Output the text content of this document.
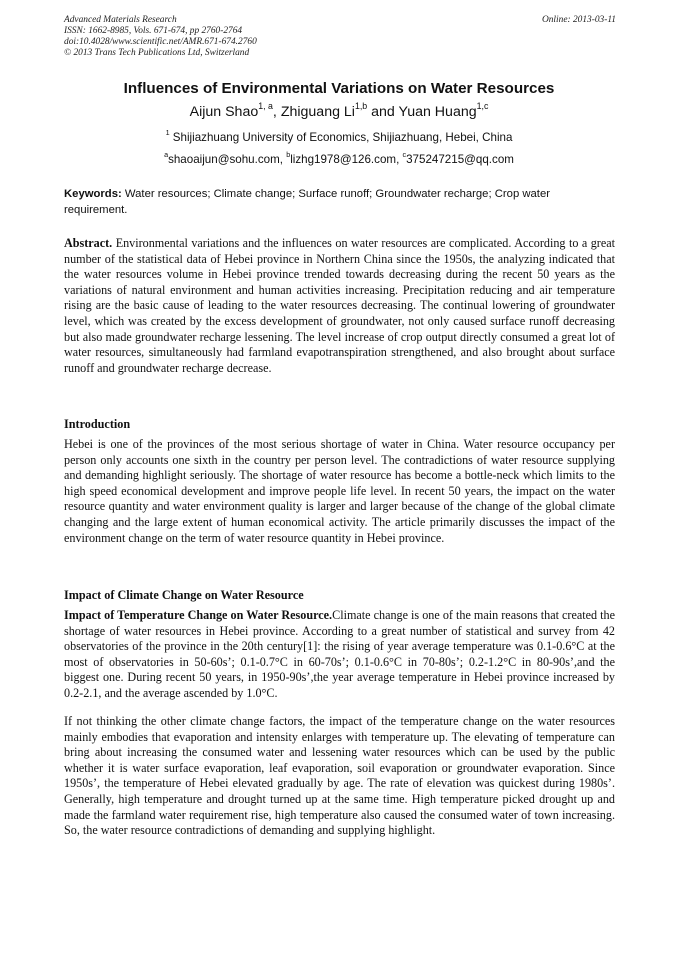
Advanced Materials Research
ISSN: 1662-8985, Vols. 671-674, pp 2760-2764
doi:10.4028/www.scientific.net/AMR.671-674.2760
© 2013 Trans Tech Publications Ltd, Switzerland
Online: 2013-03-11
Influences of Environmental Variations on Water Resources
Aijun Shao$^{1, a}$, Zhiguang Li$^{1,b}$ and Yuan Huang$^{1,c}$
$^1$ Shijiazhuang University of Economics, Shijiazhuang, Hebei, China
$^a$shaoaijun@sohu.com, $^b$lizhg1978@126.com, $^c$375247215@qq.com
Keywords: Water resources; Climate change; Surface runoff; Groundwater recharge; Crop water requirement.
Abstract. Environmental variations and the influences on water resources are complicated. According to a great number of the statistical data of Hebei province in Northern China since the 1950s, the analyzing indicated that the water resources volume in Hebei province trended towards decreasing during the recent 50 years as the variations of natural environment and human activities increasing. Precipitation reducing and air temperature rising are the basic cause of leading to the water resources decreasing. The continual lowering of groundwater level, which was created by the excess development of groundwater, not only caused surface runoff decreasing but also made groundwater recharge lessening. The level increase of crop output directly consumed a great lot of water resources, simultaneously had farmland evapotranspiration strengthened, and also brought about surface runoff and groundwater recharge decrease.
Introduction
Hebei is one of the provinces of the most serious shortage of water in China. Water resource occupancy per person only accounts one sixth in the country per person level. The contradictions of water resource supplying and demanding highlight seriously. The shortage of water resource has become a bottle-neck which limits to the high speed economical development and improve people life level. In recent 50 years, the impact on the water resource quantity and water environment quality is larger and larger because of the change of the global climate changing and the large extent of human economical activity. The article primarily discusses the impact of the environment change on the term of water resource quantity in Hebei province.
Impact of Climate Change on Water Resource
Impact of Temperature Change on Water Resource.Climate change is one of the main reasons that created the shortage of water resources in Hebei province. According to a great number of statistical and survey from 42 observatories of the province in the 20th century[1]: the rising of year average temperature was 0.1-0.6°C at the most of observatories in 50-60s’; 0.1-0.7°C in 60-70s’; 0.1-0.6°C in 70-80s’; 0.2-1.2°C in 80-90s’,and the biggest one. During recent 50 years, in 1950-90s’,the year average temperature in Hebei province increased by 0.2-2.1, and the average ascended by 1.0°C.
If not thinking the other climate change factors, the impact of the temperature change on the water resources mainly embodies that evaporation and intensity enlarges with temperature up. The elevating of temperature can bring about increasing the consumed water and lessening water resources which can be used by the public whether it is water surface evaporation, leaf evaporation, soil evaporation or groundwater evaporation. Since 1950s’, the temperature of Hebei elevated gradually by age. The rate of elevation was quickest during 1980s’. Generally, high temperature and drought turned up at the same time. High temperature picked drought up and made the farmland water requirement rise, high temperature also caused the consumed water of town increasing. So, the water resource contradictions of demanding and supplying highlight.
